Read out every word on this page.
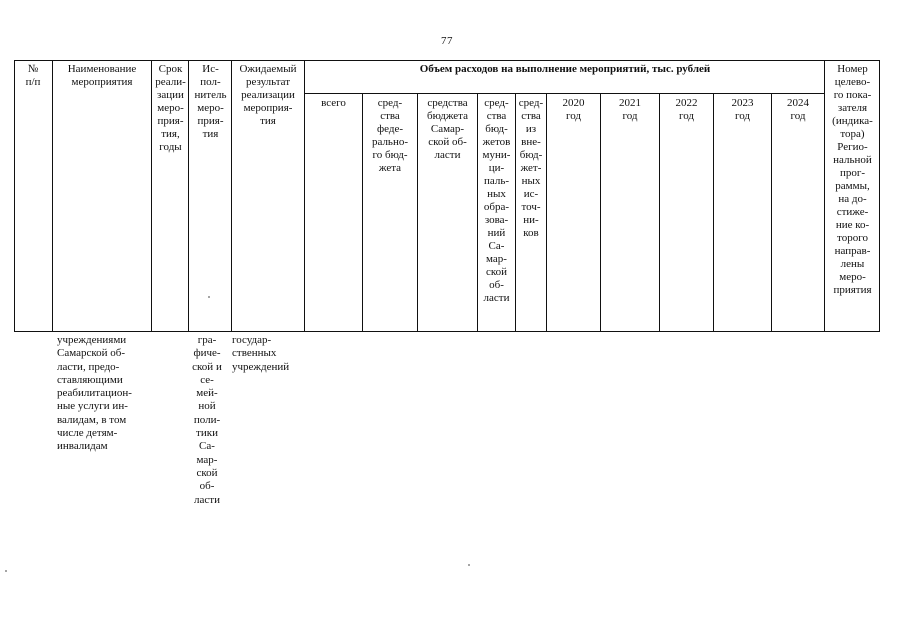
77

№
п/п

Наименование
мероприятия

Срок
реали-
зации
меро-
прия-
тия,
годы

Ис-
пол-
нитель
меро-
прия-
тия

Ожидаемый
результат
реализации
мероприя-
тия

Объем расходов на выполнение мероприятий, тыс. рублей	Номер
целево-
го пока-
зателя
(индика-
тора)
Регио-
нальной
прог-
раммы,
на до-
стиже-
ние ко-
торого
направ-
лены
меро-
приятия

всего	сред-
ства
феде-
рально-
го бюд-
жета

средства
бюджета
Самар-
ской об-
ласти

сред-
ства
бюд-
жетов
муни-
ци-
паль-
ных
обра-
зова-
ний
Са-
мар-
ской
об-
ласти

сред-
ства
из
вне-
бюд-
жет-
ных
ис-
точ-
ни-
ков

2020
год

2021
год

2022
год

2023
год

2024
год

учреждениями
Самарской об-
ласти, предо-
ставляющими
реабилитацион-
ные услуги ин-
валидам, в том
числе детям-
инвалидам

гра-
фиче-
ской и
се-
мей-
ной
поли-
тики
Са-
мар-
ской
об-
ласти

государ-
ственных
учреждений
